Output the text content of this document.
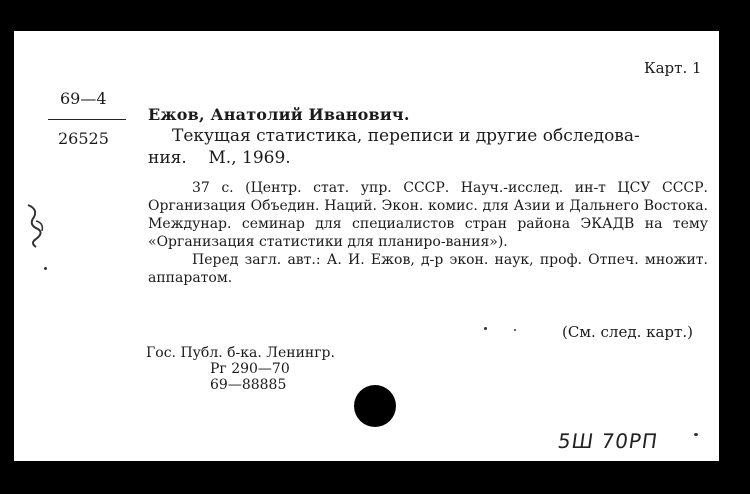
Карт. 1
69—4
26525
Ежов, Анатолий Иванович.
Текущая статистика, переписи и другие обследова-
ния.    М., 1969.

37 с. (Центр. стат. упр. СССР. Науч.-исслед. ин-т ЦСУ СССР. Организация Объедин. Наций. Экон. комис. для Азии и Дальнего Востока. Междунар. семинар для специалистов стран района ЭКАДВ на тему «Организация статистики для планиро-вания»).

Перед загл. авт.: А. И. Ежов, д-р экон. наук, проф. Отпеч. множит. аппаратом.

(См. след. карт.)
Гос. Публ. б-ка. Ленингр.
Рг 290—70
69—88885
5Ш 70РП
